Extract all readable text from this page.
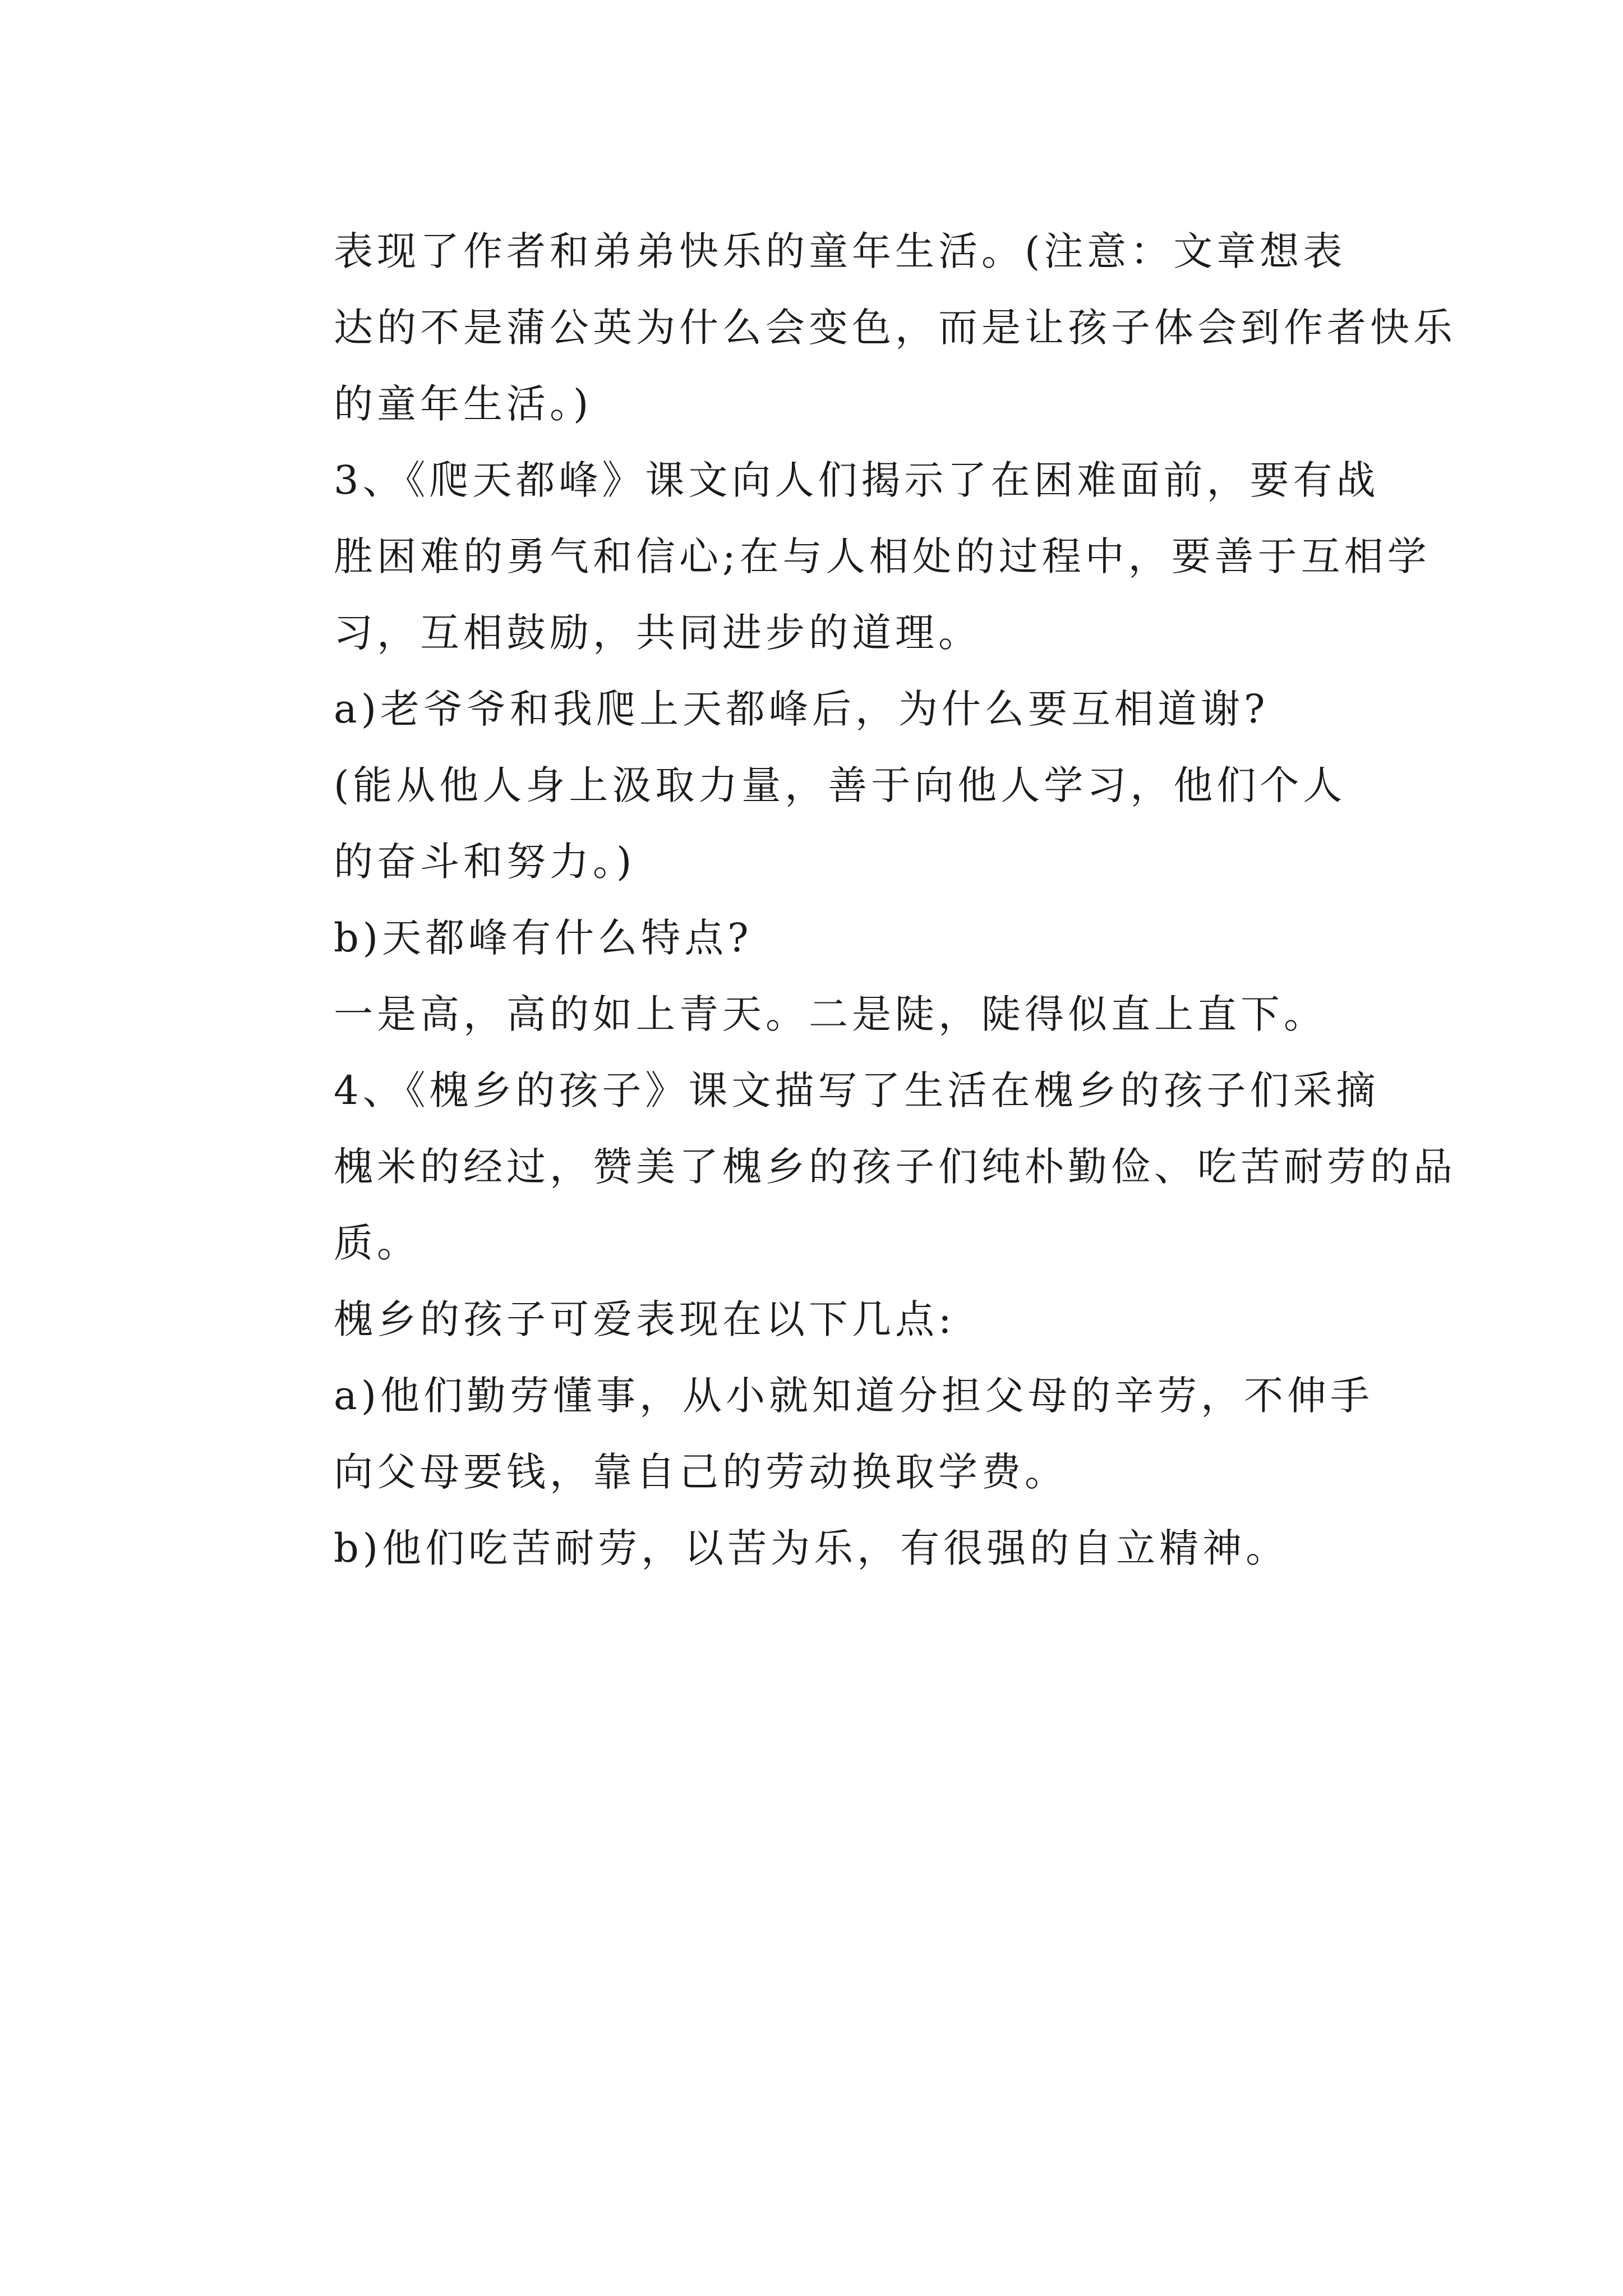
表现了作者和弟弟快乐的童年生活。(注意：文章想表
达的不是蒲公英为什么会变色，而是让孩子体会到作者快乐
的童年生活。)

3、《爬天都峰》课文向人们揭示了在困难面前，要有战
胜困难的勇气和信心;在与人相处的过程中，要善于互相学
习，互相鼓励，共同进步的道理。

a)老爷爷和我爬上天都峰后，为什么要互相道谢?

(能从他人身上汲取力量，善于向他人学习，他们个人
的奋斗和努力。)

b)天都峰有什么特点?

一是高，高的如上青天。二是陡，陡得似直上直下。

4、《槐乡的孩子》课文描写了生活在槐乡的孩子们采摘
槐米的经过，赞美了槐乡的孩子们纯朴勤俭、吃苦耐劳的品
质。

槐乡的孩子可爱表现在以下几点:

a)他们勤劳懂事，从小就知道分担父母的辛劳，不伸手
向父母要钱，靠自己的劳动换取学费。

b)他们吃苦耐劳，以苦为乐，有很强的自立精神。
